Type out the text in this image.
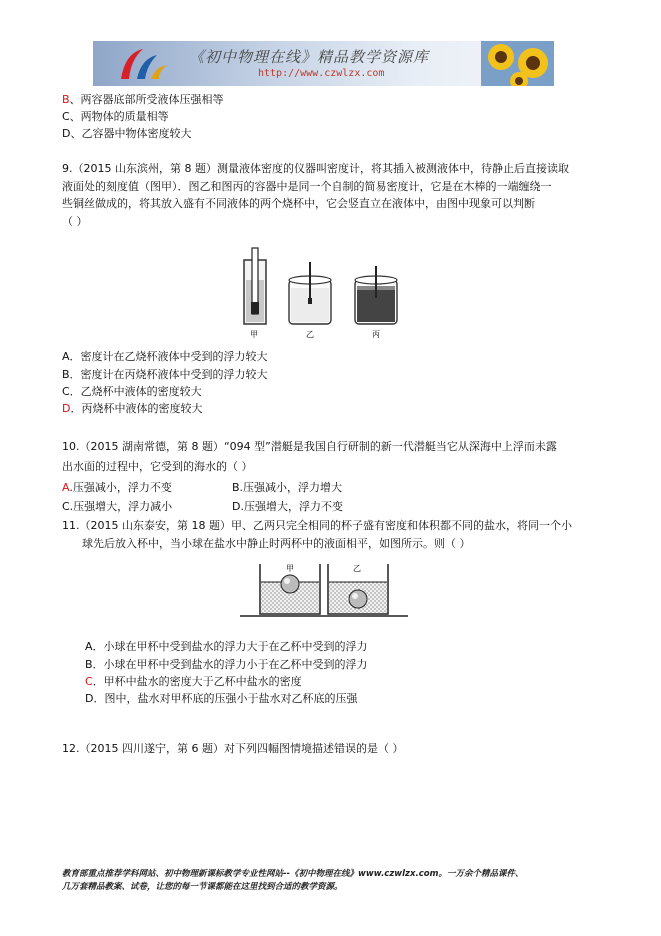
《初中物理在线》精品教学资源库
http://www.czwlzx.com
B、两容器底部所受液体压强相等
C、两物体的质量相等
D、乙容器中物体密度较大
9.（2015 山东滨州，第 8 题）测量液体密度的仪器叫密度计，将其插入被测液体中，待静止后直接读取
液面处的刻度值（图甲）．图乙和图丙的容器中是同一个自制的简易密度计，它是在木棒的一端缠绕一
些铜丝做成的，将其放入盛有不同液体的两个烧杯中，它会竖直立在液体中，由图中现象可以判断
（ ）
甲	乙	丙
A．密度计在乙烧杯液体中受到的浮力较大
B．密度计在丙烧杯液体中受到的浮力较大
C．乙烧杯中液体的密度较大
D．丙烧杯中液体的密度较大
10.（2015 湖南常德，第 8 题）“094 型”潜艇是我国自行研制的新一代潜艇当它从深海中上浮而未露
出水面的过程中，它受到的海水的（ ）
A.压强减小，浮力不变	B.压强减小，浮力增大
C.压强增大，浮力减小	D.压强增大，浮力不变
11.（2015 山东泰安，第 18 题）甲、乙两只完全相同的杯子盛有密度和体积都不同的盐水，将同一个小
球先后放入杯中，当小球在盐水中静止时两杯中的液面相平，如图所示。则（ ）
甲	乙
A．小球在甲杯中受到盐水的浮力大于在乙杯中受到的浮力
B．小球在甲杯中受到盐水的浮力小于在乙杯中受到的浮力
C．甲杯中盐水的密度大于乙杯中盐水的密度
D．图中，盐水对甲杯底的压强小于盐水对乙杯底的压强
12.（2015 四川遂宁，第 6 题）对下列四幅图情境描述错误的是（ ）
教育部重点推荐学科网站、初中物理新课标教学专业性网站--《初中物理在线》www.czwlzx.com。一万余个精品课件、
几万套精品教案、试卷，让您的每一节课都能在这里找到合适的教学资源。
